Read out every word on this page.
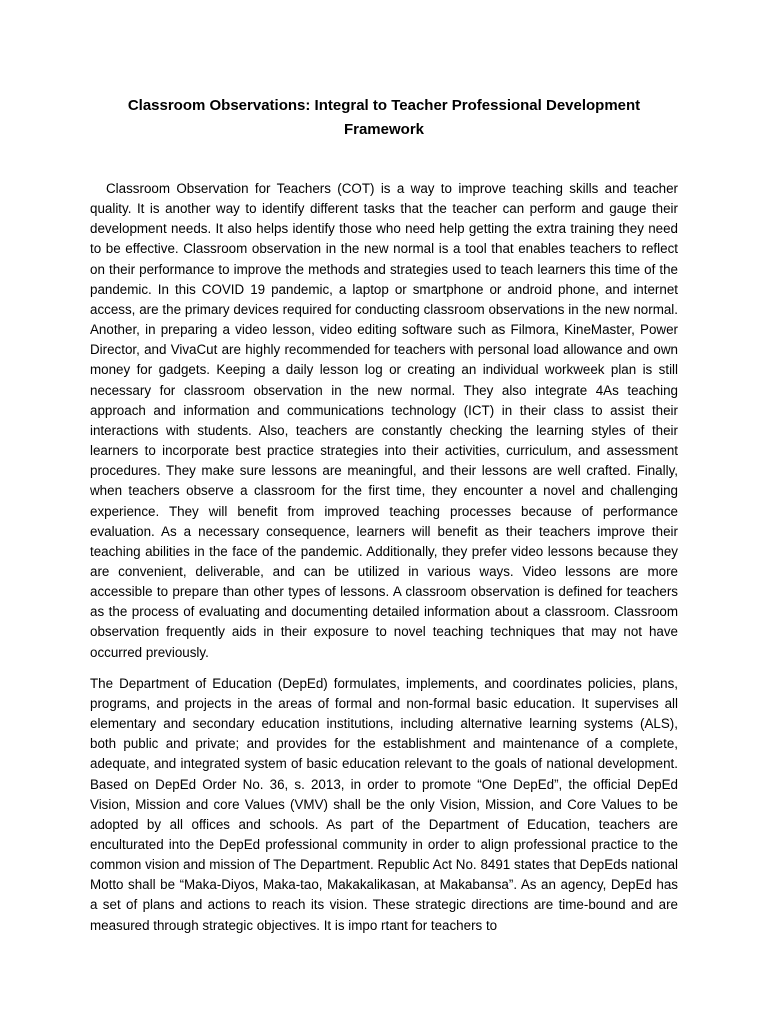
Classroom Observations: Integral to Teacher Professional Development Framework

Classroom Observation for Teachers (COT) is a way to improve teaching skills and teacher quality. It is another way to identify different tasks that the teacher can perform and gauge their development needs. It also helps identify those who need help getting the extra training they need to be effective. Classroom observation in the new normal is a tool that enables teachers to reflect on their performance to improve the methods and strategies used to teach learners this time of the pandemic. In this COVID 19 pandemic, a laptop or smartphone or android phone, and internet access, are the primary devices required for conducting classroom observations in the new normal. Another, in preparing a video lesson, video editing software such as Filmora, KineMaster, Power Director, and VivaCut are highly recommended for teachers with personal load allowance and own money for gadgets. Keeping a daily lesson log or creating an individual workweek plan is still necessary for classroom observation in the new normal. They also integrate 4As teaching approach and information and communications technology (ICT) in their class to assist their interactions with students. Also, teachers are constantly checking the learning styles of their learners to incorporate best practice strategies into their activities, curriculum, and assessment procedures. They make sure lessons are meaningful, and their lessons are well crafted. Finally, when teachers observe a classroom for the first time, they encounter a novel and challenging experience. They will benefit from improved teaching processes because of performance evaluation. As a necessary consequence, learners will benefit as their teachers improve their teaching abilities in the face of the pandemic. Additionally, they prefer video lessons because they are convenient, deliverable, and can be utilized in various ways. Video lessons are more accessible to prepare than other types of lessons. A classroom observation is defined for teachers as the process of evaluating and documenting detailed information about a classroom. Classroom observation frequently aids in their exposure to novel teaching techniques that may not have occurred previously.

The Department of Education (DepEd) formulates, implements, and coordinates policies, plans, programs, and projects in the areas of formal and non-formal basic education. It supervises all elementary and secondary education institutions, including alternative learning systems (ALS), both public and private; and provides for the establishment and maintenance of a complete, adequate, and integrated system of basic education relevant to the goals of national development. Based on DepEd Order No. 36, s. 2013, in order to promote “One DepEd”, the official DepEd Vision, Mission and core Values (VMV) shall be the only Vision, Mission, and Core Values to be adopted by all offices and schools. As part of the Department of Education, teachers are enculturated into the DepEd professional community in order to align professional practice to the common vision and mission of The Department. Republic Act No. 8491 states that DepEds national Motto shall be “Maka-Diyos, Maka-tao, Makakalikasan, at Makabansa”. As an agency, DepEd has a set of plans and actions to reach its vision. These strategic directions are time-bound and are measured through strategic objectives. It is impo rtant for teachers to
